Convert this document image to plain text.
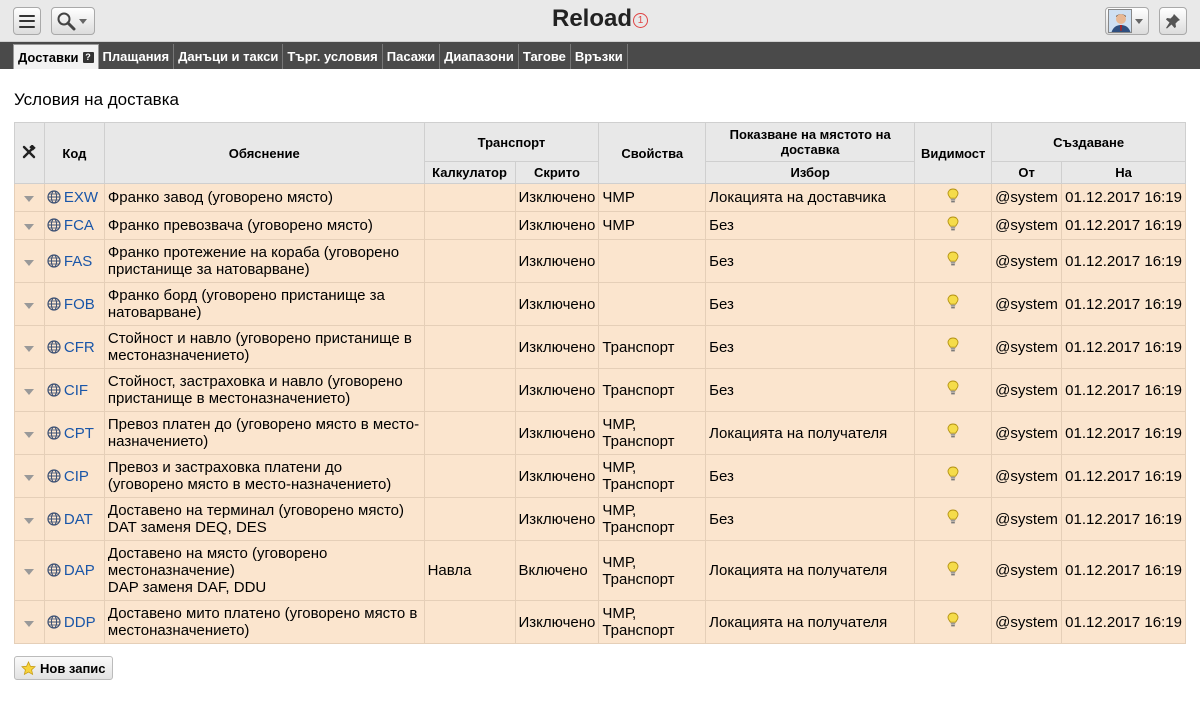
Reload 1
Доставки ? Плащания Данъци и такси Търг. условия Пасажи Диапазони Тагове Връзки
Условия на доставка
	Код	Обяснение	Транспорт		Свойства	Показване на мястото на доставка	Видимост	Създаване	
			Калкулатор	Скрито		Избор		От	На
	EXW	Франко завод (уговорено място)		Изключено	ЧМР	Локацията на доставчика		@system	01.12.2017 16:19
	FCA	Франко превозвача (уговорено място)		Изключено	ЧМР	Без		@system	01.12.2017 16:19
	FAS	Франко протежение на кораба (уговорено пристанище за натоварване)		Изключено		Без		@system	01.12.2017 16:19
	FOB	Франко борд (уговорено пристанище за натоварване)		Изключено		Без		@system	01.12.2017 16:19
	CFR	Стойност и навло (уговорено пристанище в местоназначението)		Изключено	Транспорт	Без		@system	01.12.2017 16:19
	CIF	Стойност, застраховка и навло (уговорено пристанище в местоназначението)		Изключено	Транспорт	Без		@system	01.12.2017 16:19
	CPT	Превоз платен до (уговорено място в место-назначението)		Изключено	ЧМР, Транспорт	Локацията на получателя		@system	01.12.2017 16:19
	CIP	Превоз и застраховка платени до (уговорено място в место-назначението)		Изключено	ЧМР, Транспорт	Без		@system	01.12.2017 16:19
	DAT	Доставено на терминал (уговорено място)
DAT заменя DEQ, DES		Изключено	ЧМР, Транспорт	Без		@system	01.12.2017 16:19
	DAP	Доставено на място (уговорено местоназначение)
DAP заменя DAF, DDU	Навла	Включено	ЧМР, Транспорт	Локацията на получателя		@system	01.12.2017 16:19
	DDP	Доставено мито платено (уговорено място в местоназначението)		Изключено	ЧМР, Транспорт	Локацията на получателя		@system	01.12.2017 16:19
Нов запис
